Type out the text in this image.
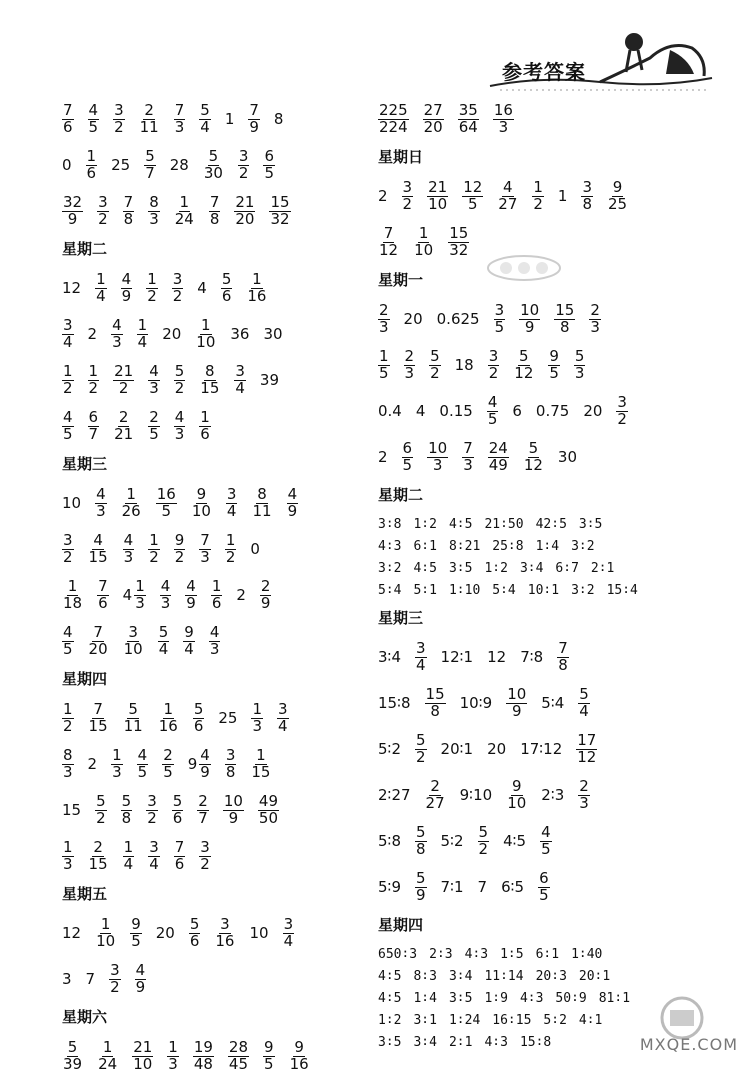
参考答案
$\frac{7}{6} \frac{4}{5} \frac{3}{2} \frac{2}{11} \frac{7}{3} \frac{5}{4} 1 \frac{7}{9} 8$
$0 \frac{1}{6} 25 \frac{5}{7} 28 \frac{5}{30} \frac{3}{2} \frac{6}{5}$
$\frac{32}{9} \frac{3}{2} \frac{7}{8} \frac{8}{3} \frac{1}{24} \frac{7}{8} \frac{21}{20} \frac{15}{32}$
星期二
$12 \frac{1}{4} \frac{4}{9} \frac{1}{2} \frac{3}{2} 4 \frac{5}{6} \frac{1}{16}$
$\frac{3}{4} 2 \frac{4}{3} \frac{1}{4} 20 \frac{1}{10} 36$ 30
$\frac{1}{2} \frac{1}{2} \frac{21}{2} \frac{4}{3} \frac{5}{2} \frac{8}{15} \frac{3}{4} 39$
$\frac{4}{5} \frac{6}{7} \frac{2}{21} \frac{2}{5} \frac{4}{3} \frac{1}{6}$
星期三
$10 \frac{4}{3} \frac{1}{26} \frac{16}{5} \frac{9}{10} \frac{3}{4} \frac{8}{11} \frac{4}{9}$
$\frac{3}{2} \frac{4}{15} \frac{4}{3} \frac{1}{2} \frac{9}{2} \frac{7}{3} \frac{1}{2} 0$
$\frac{1}{18} \frac{7}{6} 4 \frac{1}{3} \frac{4}{3} \frac{4}{9} \frac{1}{6} 2 \frac{2}{9}$
$\frac{4}{5} \frac{7}{20} \frac{3}{10} \frac{5}{4} \frac{9}{4} \frac{4}{3}$
星期四
$\frac{1}{2} \frac{7}{15} \frac{5}{11} \frac{1}{16} \frac{5}{6} 25 \frac{1}{3} \frac{3}{4}$
$\frac{8}{3} 2 \frac{1}{3} \frac{4}{5} \frac{2}{5} 9 \frac{4}{9} \frac{3}{8} \frac{1}{15}$
$15 \frac{5}{2} \frac{5}{8} \frac{3}{2} \frac{5}{6} \frac{2}{7} \frac{10}{9} \frac{49}{50}$
$\frac{1}{3} \frac{2}{15} \frac{1}{4} \frac{3}{4} \frac{7}{6} \frac{3}{2}$
星期五
$12 \frac{1}{10} \frac{9}{5} 20 \frac{5}{6} \frac{3}{16} 10 \frac{3}{4}$
3 $7 \frac{3}{2} \frac{4}{9}$
星期六
$\frac{5}{39} \frac{1}{24} \frac{21}{10} \frac{1}{3} \frac{19}{48} \frac{28}{45} \frac{9}{5} \frac{9}{16}$
$\frac{225}{224} \frac{27}{20} \frac{35}{64} \frac{16}{3}$
星期日
$2 \frac{3}{2} \frac{21}{10} \frac{12}{5} \frac{4}{27} \frac{1}{2} 1 \frac{3}{8} \frac{9}{25}$
$\frac{7}{12} \frac{1}{10} \frac{15}{32}$
星期一
$\frac{2}{3} 20$ $0.625 \frac{3}{5} \frac{10}{9} \frac{15}{8} \frac{2}{3}$
$\frac{1}{5} \frac{2}{3} \frac{5}{2} 18 \frac{3}{2} \frac{5}{12} \frac{9}{5} \frac{5}{3}$
0.4 4 $0.15 \frac{4}{5} 6$ 0.75 $20 \frac{3}{2}$
$2 \frac{6}{5} \frac{10}{3} \frac{7}{3} \frac{24}{49} \frac{5}{12} 30$
星期二
3∶8 1∶2 4∶5 21∶50 42∶5 3∶5
4∶3 6∶1 8∶21 25∶8 1∶4 3∶2
3∶2 4∶5 3∶5 1∶2 3∶4 6∶7 2∶1
5∶4 5∶1 1∶10 5∶4 10∶1 3∶2 15∶4
星期三
3∶4 $\frac{3}{4}$ 12∶1 12 7∶8 $\frac{7}{8}$
15∶8 $\frac{15}{8}$ 10∶9 $\frac{10}{9}$ 5∶4 $\frac{5}{4}$
5∶2 $\frac{5}{2}$ 20∶1 20 17∶12 $\frac{17}{12}$
2∶27 $\frac{2}{27}$ 9∶10 $\frac{9}{10}$ 2∶3 $\frac{2}{3}$
5∶8 $\frac{5}{8}$ 5∶2 $\frac{5}{2}$ 4∶5 $\frac{4}{5}$
5∶9 $\frac{5}{9}$ 7∶1 7 6∶5 $\frac{6}{5}$
星期四
650∶3 2∶3 4∶3 1∶5 6∶1 1∶40
4∶5 8∶3 3∶4 11∶14 20∶3 20∶1
4∶5 1∶4 3∶5 1∶9 4∶3 50∶9 81∶1
1∶2 3∶1 1∶24 16∶15 5∶2 4∶1
3∶5 3∶4 2∶1 4∶3 15∶8	MXQE.COM
